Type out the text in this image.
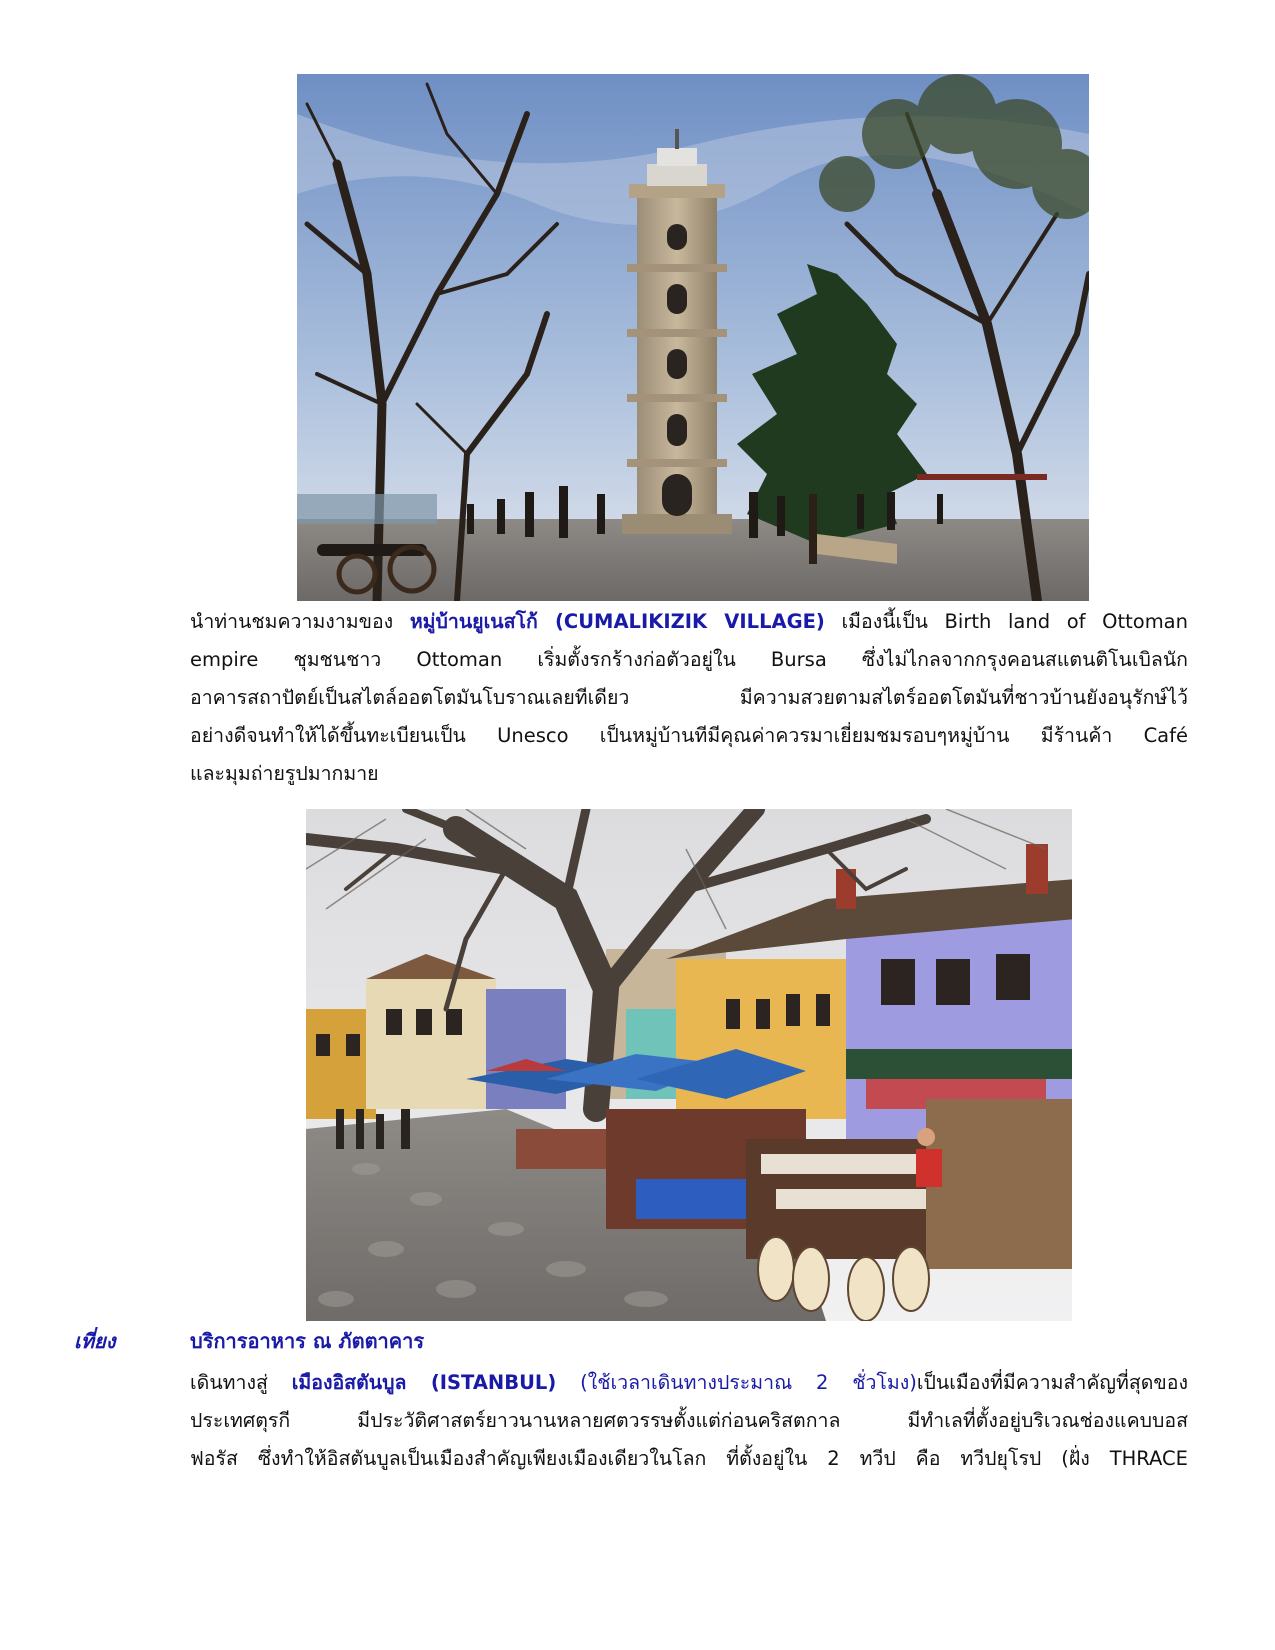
นำท่านชมความงามของ หมู่บ้านยูเนสโก้ (CUMALIKIZIK VILLAGE) เมืองนี้เป็น Birth land of Ottoman
empire ชุมชนชาว Ottoman เริ่มตั้งรกร้างก่อตัวอยู่ใน Bursa ซึ่งไม่ไกลจากกรุงคอนสแตนติโนเบิลนัก
อาคารสถาปัตย์เป็นสไตล์ออตโตมันโบราณเลยทีเดียว มีความสวยตามสไตร์ออตโตมันที่ชาวบ้านยังอนุรักษ์ไว้
อย่างดีจนทำให้ได้ขึ้นทะเบียนเป็น Unesco เป็นหมู่บ้านทีมีคุณค่าควรมาเยี่ยมชมรอบๆหมู่บ้าน มีร้านค้า Café
และมุมถ่ายรูปมากมาย
เที่ยง	บริการอาหาร ณ ภัตตาคาร
เดินทางสู่ เมืองอิสตันบูล (ISTANBUL) (ใช้เวลาเดินทางประมาณ 2 ชั่วโมง)เป็นเมืองที่มีความสำคัญที่สุดของ
ประเทศตุรกี มีประวัติศาสตร์ยาวนานหลายศตวรรษตั้งแต่ก่อนคริสตกาล มีทำเลที่ตั้งอยู่บริเวณช่องแคบบอส
ฟอรัส ซึ่งทำให้อิสตันบูลเป็นเมืองสำคัญเพียงเมืองเดียวในโลก ที่ตั้งอยู่ใน 2 ทวีป คือ ทวีปยุโรป (ฝั่ง THRACE
